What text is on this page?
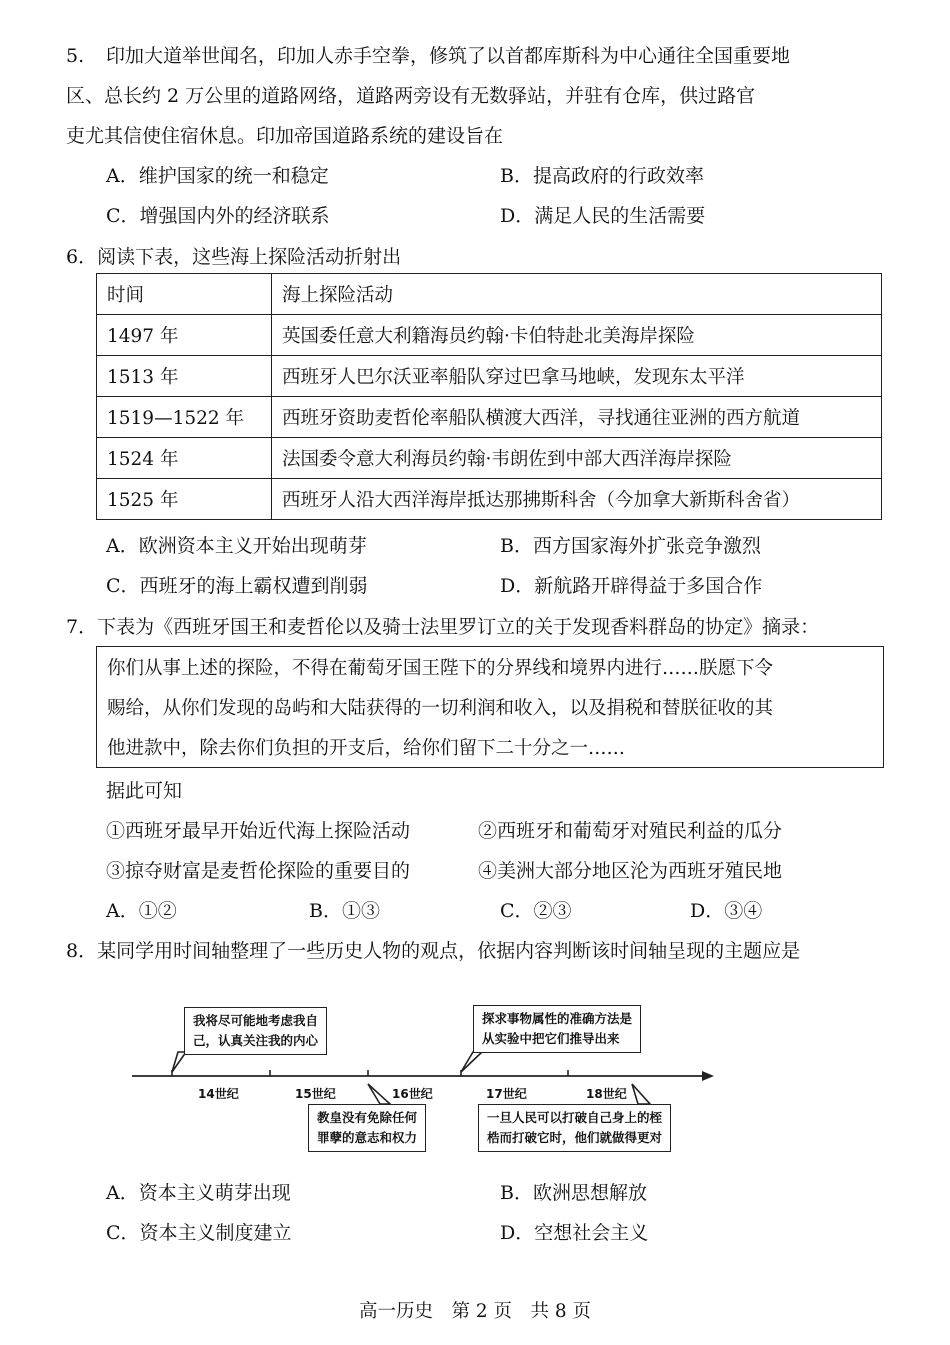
5. 印加大道举世闻名，印加人赤手空拳，修筑了以首都库斯科为中心通往全国重要地
区、总长约 2 万公里的道路网络，道路两旁设有无数驿站，并驻有仓库，供过路官
吏尤其信使住宿休息。印加帝国道路系统的建设旨在
A．维护国家的统一和稳定	B．提高政府的行政效率
C．增强国内外的经济联系	D．满足人民的生活需要
6．阅读下表，这些海上探险活动折射出
时间	海上探险活动
1497 年	英国委任意大利籍海员约翰·卡伯特赴北美海岸探险
1513 年	西班牙人巴尔沃亚率船队穿过巴拿马地峡，发现东太平洋
1519—1522 年	西班牙资助麦哲伦率船队横渡大西洋，寻找通往亚洲的西方航道
1524 年	法国委令意大利海员约翰·韦朗佐到中部大西洋海岸探险
1525 年	西班牙人沿大西洋海岸抵达那拂斯科舍（今加拿大新斯科舍省）
A．欧洲资本主义开始出现萌芽	B．西方国家海外扩张竞争激烈
C．西班牙的海上霸权遭到削弱	D．新航路开辟得益于多国合作
7．下表为《西班牙国王和麦哲伦以及骑士法里罗订立的关于发现香料群岛的协定》摘录：
你们从事上述的探险，不得在葡萄牙国王陛下的分界线和境界内进行……朕愿下令
赐给，从你们发现的岛屿和大陆获得的一切利润和收入，以及捐税和替朕征收的其
他进款中，除去你们负担的开支后，给你们留下二十分之一……
据此可知
①西班牙最早开始近代海上探险活动	②西班牙和葡萄牙对殖民利益的瓜分
③掠夺财富是麦哲伦探险的重要目的	④美洲大部分地区沦为西班牙殖民地
A．①②	B．①③	C．②③	D．③④
8．某同学用时间轴整理了一些历史人物的观点，依据内容判断该时间轴呈现的主题应是
我将尽可能地考虑我自
己，认真关注我的内心
探求事物属性的准确方法是
从实验中把它们推导出来
14世纪	15世纪	16世纪	17世纪	18世纪
教皇没有免除任何
罪孽的意志和权力
一旦人民可以打破自己身上的桎
梏而打破它时，他们就做得更对
A．资本主义萌芽出现	B．欧洲思想解放
C．资本主义制度建立	D．空想社会主义
高一历史　第 2 页　共 8 页
